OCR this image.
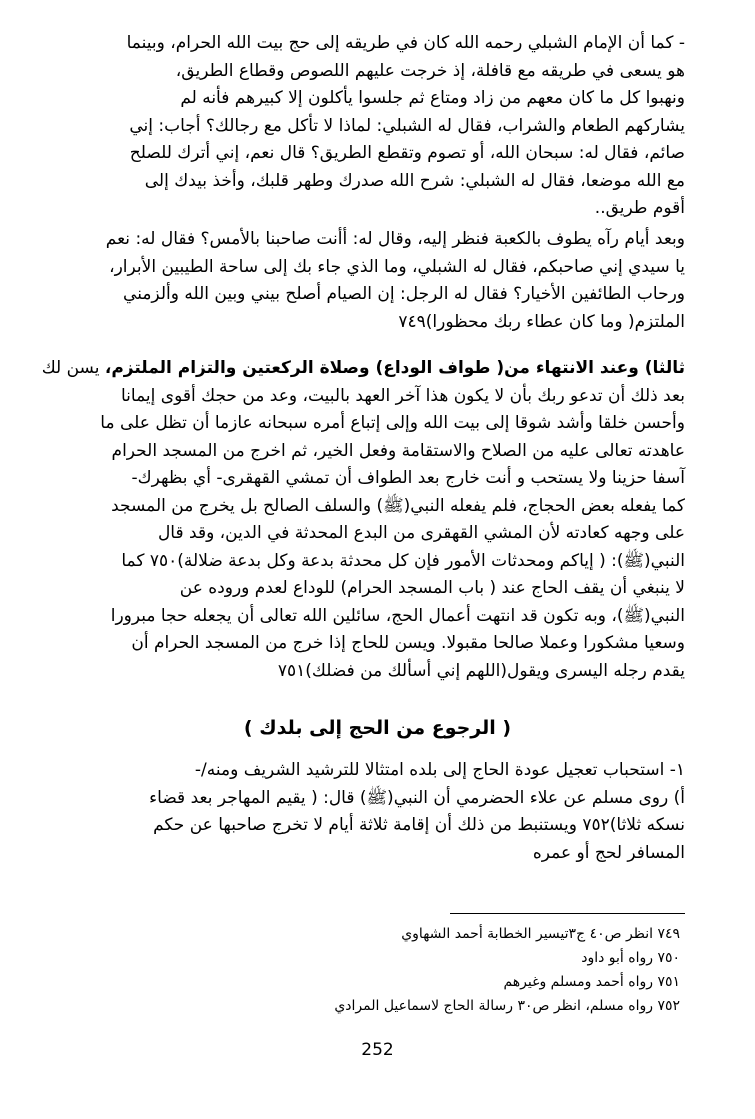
- كما أن الإمام الشبلي رحمه الله كان في طريقه إلى حج بيت الله الحرام، وبينما
هو يسعى في طريقه مع قافلة، إذ خرجت عليهم اللصوص وقطاع الطريق،
ونهبوا كل ما كان معهم من زاد ومتاع ثم جلسوا يأكلون إلا كبيرهم فأنه لم
يشاركهم الطعام والشراب، فقال له الشبلي: لماذا لا تأكل مع رجالك؟ أجاب: إني
صائم، فقال له: سبحان الله، أو تصوم وتقطع الطريق؟ قال نعم، إني أترك للصلح
مع الله موضعا، فقال له الشبلي: شرح الله صدرك وطهر قلبك، وأخذ بيدك إلى
أقوم طريق..
وبعد أيام رآه يطوف بالكعبة فنظر إليه، وقال له: أأنت صاحبنا بالأمس؟ فقال له: نعم
يا سيدي إني صاحبكم، فقال له الشبلي، وما الذي جاء بك إلى ساحة الطيبين الأبرار،
ورحاب الطائفين الأخيار؟ فقال له الرجل: إن الصيام أصلح بيني وبين الله وألزمني
الملتزم( وما كان عطاء ربك محظورا)٧٤٩
ثالثا) وعند الانتهاء من( طواف الوداع) وصلاة الركعتين والتزام الملتزم، يسن لك
بعد ذلك أن تدعو ربك بأن لا يكون هذا آخر العهد بالبيت، وعد من حجك أقوى إيمانا
وأحسن خلقا وأشد شوقا إلى بيت الله وإلى إتباع أمره سبحانه عازما أن تظل على ما
عاهدته تعالى عليه من الصلاح والاستقامة وفعل الخير، ثم اخرج من المسجد الحرام
آسفا حزينا ولا يستحب و أنت خارج بعد الطواف أن تمشي القهقرى- أي بظهرك-
كما يفعله بعض الحجاج، فلم يفعله النبي(ﷺ) والسلف الصالح بل يخرج من المسجد
على وجهه كعادته لأن المشي القهقرى من البدع المحدثة في الدين، وقد قال
النبي(ﷺ): ( إياكم ومحدثات الأمور فإن كل محدثة بدعة وكل بدعة ضلالة)٧٥٠ كما
لا ينبغي أن يقف الحاج عند ( باب المسجد الحرام) للوداع لعدم وروده عن
النبي(ﷺ)، وبه تكون قد انتهت أعمال الحج، سائلين الله تعالى أن يجعله حجا مبرورا
وسعيا مشكورا وعملا صالحا مقبولا. ويسن للحاج إذا خرج من المسجد الحرام أن
يقدم رجله اليسرى ويقول(اللهم إني أسألك من فضلك)٧٥١
( الرجوع من الحج إلى بلدك )
١- استحباب تعجيل عودة الحاج إلى بلده امتثالا للترشيد الشريف ومنه/-
أ) روى مسلم عن علاء الحضرمي أن النبي(ﷺ) قال: ( يقيم المهاجر بعد قضاء
نسكه ثلاثا)٧٥٢ ويستنبط من ذلك أن إقامة ثلاثة أيام لا تخرج صاحبها عن حكم
المسافر لحج أو عمره
٧٤٩ انظر ص٤٠ ج٣تيسير الخطابة أحمد الشهاوي
٧٥٠ رواه أبو داود
٧٥١ رواه أحمد ومسلم وغيرهم
٧٥٢ رواه مسلم، انظر ص٣٠ رسالة الحاج لاسماعيل المرادي
252
